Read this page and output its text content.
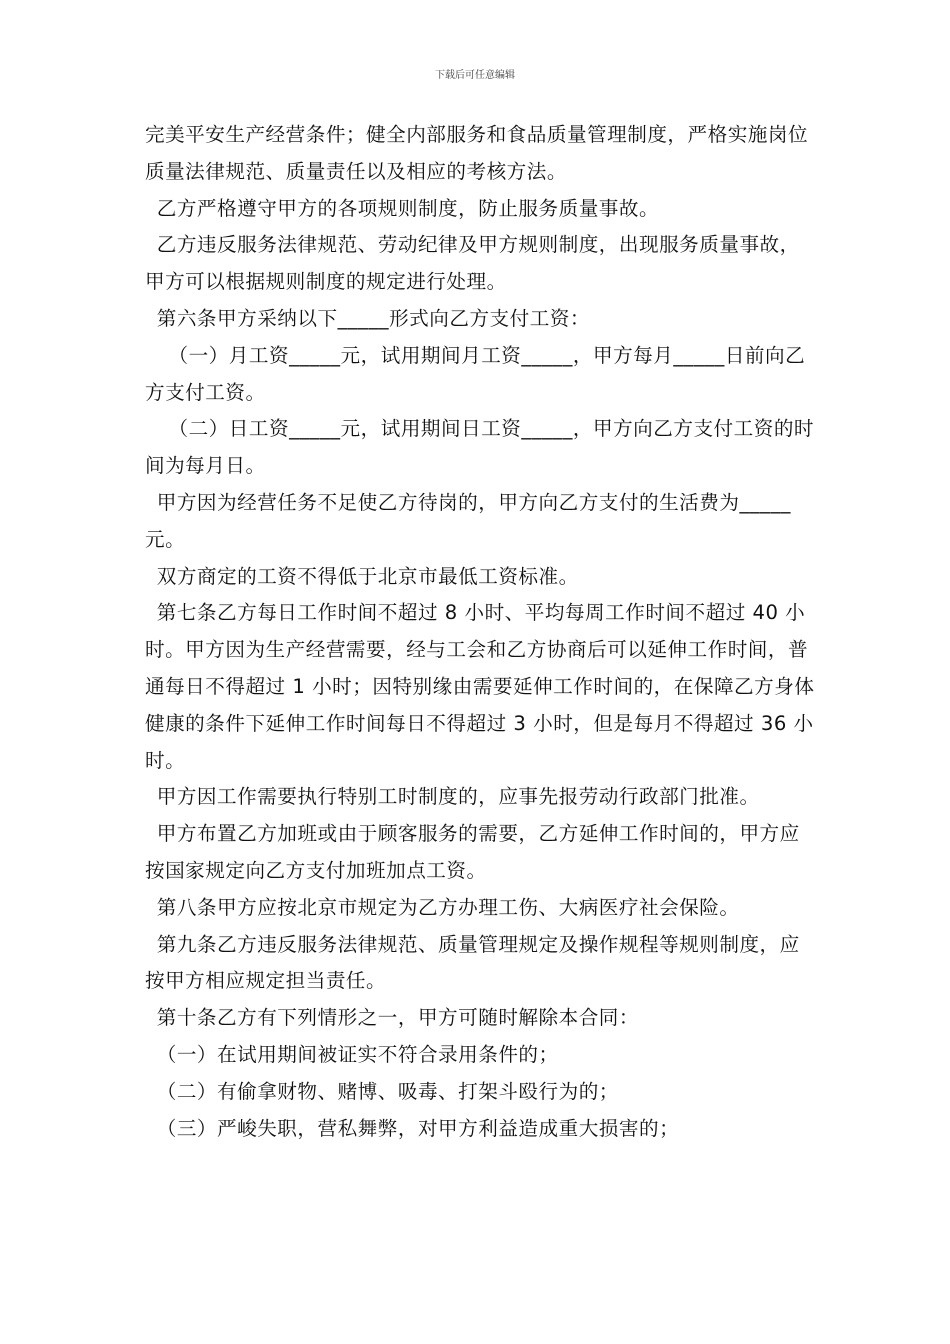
下载后可任意编辑

完美平安生产经营条件；健全内部服务和食品质量管理制度，严格实施岗位质量法律规范、质量责任以及相应的考核方法。

乙方严格遵守甲方的各项规则制度，防止服务质量事故。

乙方违反服务法律规范、劳动纪律及甲方规则制度，出现服务质量事故，甲方可以根据规则制度的规定进行处理。

第六条甲方采纳以下_____形式向乙方支付工资：

（一）月工资_____元，试用期间月工资_____，甲方每月_____日前向乙方支付工资。

（二）日工资_____元，试用期间日工资_____，甲方向乙方支付工资的时间为每月日。

甲方因为经营任务不足使乙方待岗的，甲方向乙方支付的生活费为_____元。

双方商定的工资不得低于北京市最低工资标准。

第七条乙方每日工作时间不超过 8 小时、平均每周工作时间不超过 40 小时。甲方因为生产经营需要，经与工会和乙方协商后可以延伸工作时间，普通每日不得超过 1 小时；因特别缘由需要延伸工作时间的，在保障乙方身体健康的条件下延伸工作时间每日不得超过 3 小时，但是每月不得超过 36 小时。

甲方因工作需要执行特别工时制度的，应事先报劳动行政部门批准。

甲方布置乙方加班或由于顾客服务的需要，乙方延伸工作时间的，甲方应按国家规定向乙方支付加班加点工资。

第八条甲方应按北京市规定为乙方办理工伤、大病医疗社会保险。

第九条乙方违反服务法律规范、质量管理规定及操作规程等规则制度，应按甲方相应规定担当责任。

第十条乙方有下列情形之一，甲方可随时解除本合同：

（一）在试用期间被证实不符合录用条件的；

（二）有偷拿财物、赌博、吸毒、打架斗殴行为的；

（三）严峻失职，营私舞弊，对甲方利益造成重大损害的；
